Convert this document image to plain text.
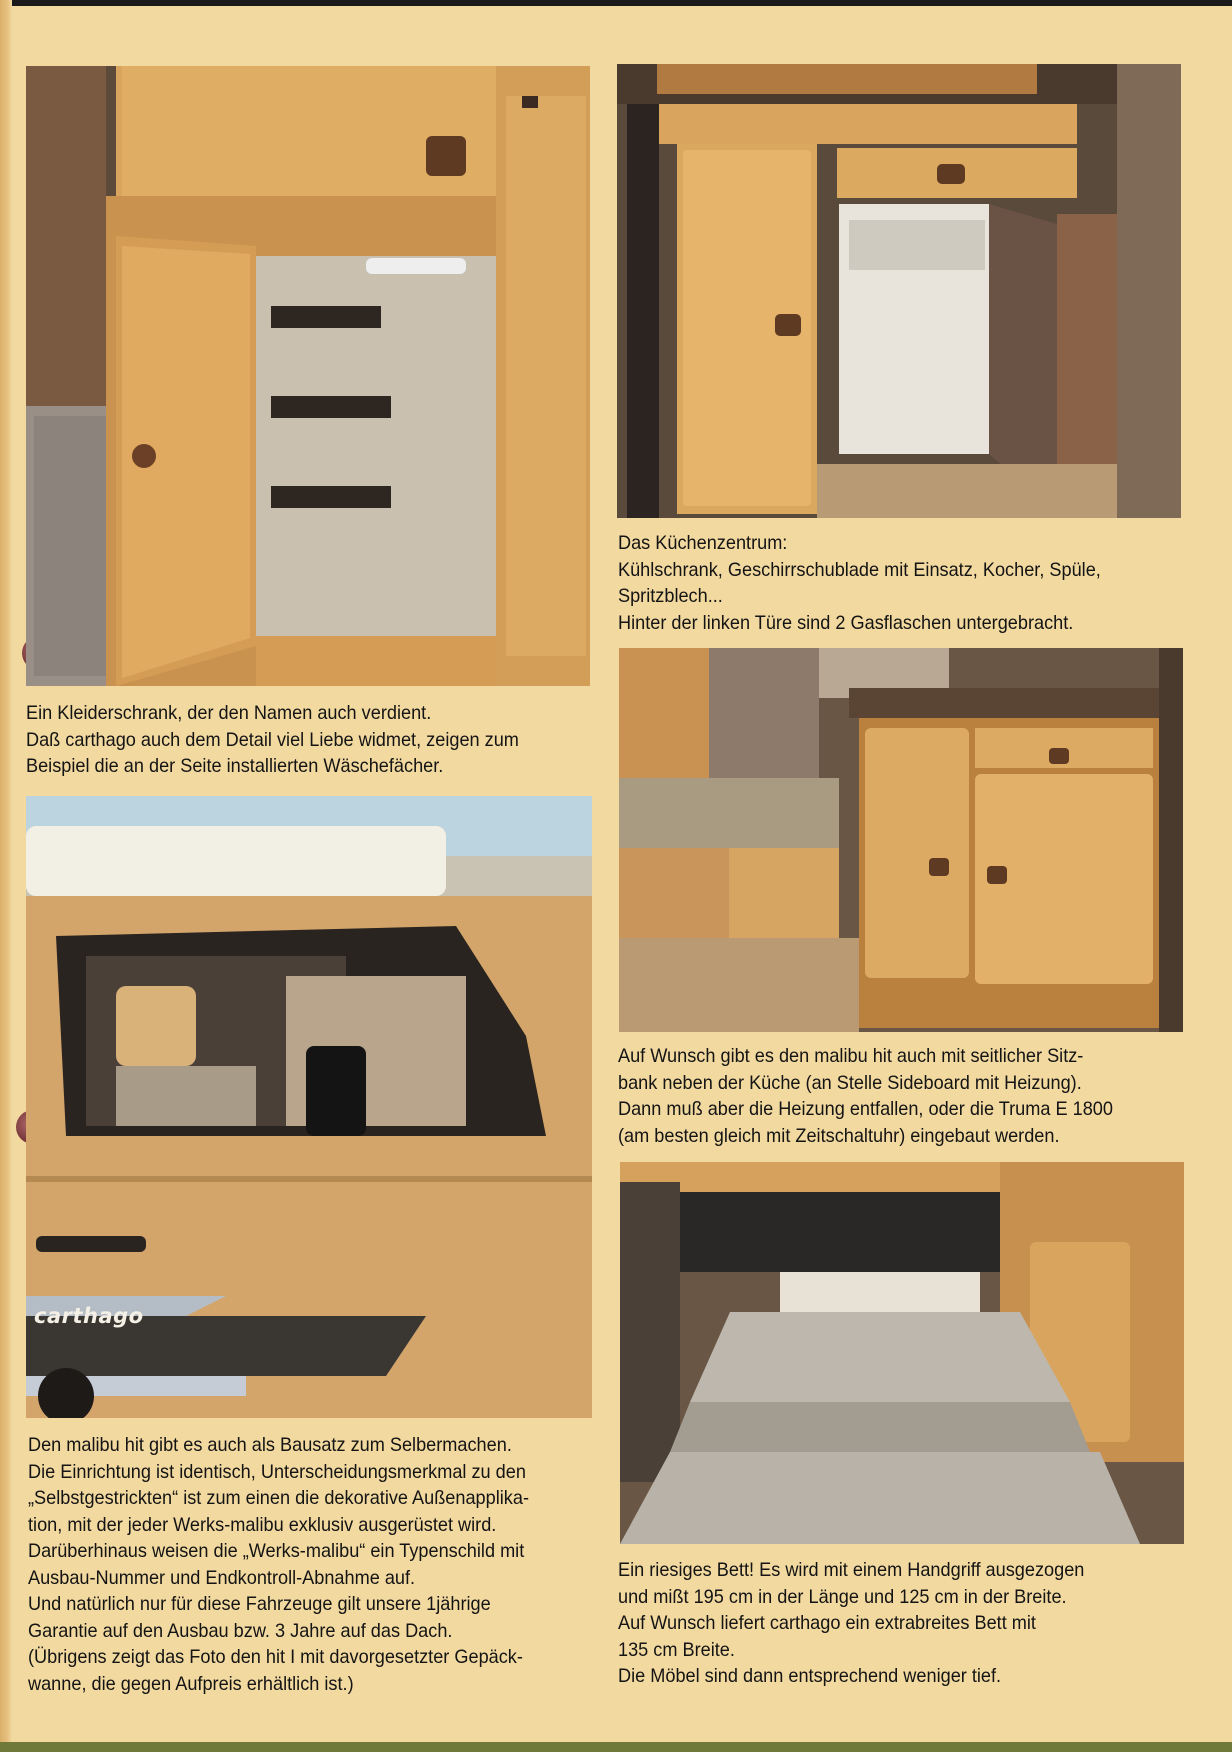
carthago

Ein Kleiderschrank, der den Namen auch verdient.

Daß carthago auch dem Detail viel Liebe widmet, zeigen zum

Beispiel die an der Seite installierten Wäschefächer.

Das Küchenzentrum:

Kühlschrank, Geschirrschublade mit Einsatz, Kocher, Spüle,

Spritzblech...

Hinter der linken Türe sind 2 Gasflaschen untergebracht.

Auf Wunsch gibt es den malibu hit auch mit seitlicher Sitz-

bank neben der Küche (an Stelle Sideboard mit Heizung).

Dann muß aber die Heizung entfallen, oder die Truma E 1800

(am besten gleich mit Zeitschaltuhr) eingebaut werden.

Den malibu hit gibt es auch als Bausatz zum Selbermachen.

Die Einrichtung ist identisch, Unterscheidungsmerkmal zu den

„Selbstgestrickten“ ist zum einen die dekorative Außenapplika-

tion, mit der jeder Werks-malibu exklusiv ausgerüstet wird.

Darüberhinaus weisen die „Werks-malibu“ ein Typenschild mit

Ausbau-Nummer und Endkontroll-Abnahme auf.

Und natürlich nur für diese Fahrzeuge gilt unsere 1jährige

Garantie auf den Ausbau bzw. 3 Jahre auf das Dach.

(Übrigens zeigt das Foto den hit I mit davorgesetzter Gepäck-

wanne, die gegen Aufpreis erhältlich ist.)

Ein riesiges Bett! Es wird mit einem Handgriff ausgezogen

und mißt 195 cm in der Länge und 125 cm in der Breite.

Auf Wunsch liefert carthago ein extrabreites Bett mit

135 cm Breite.

Die Möbel sind dann entsprechend weniger tief.
